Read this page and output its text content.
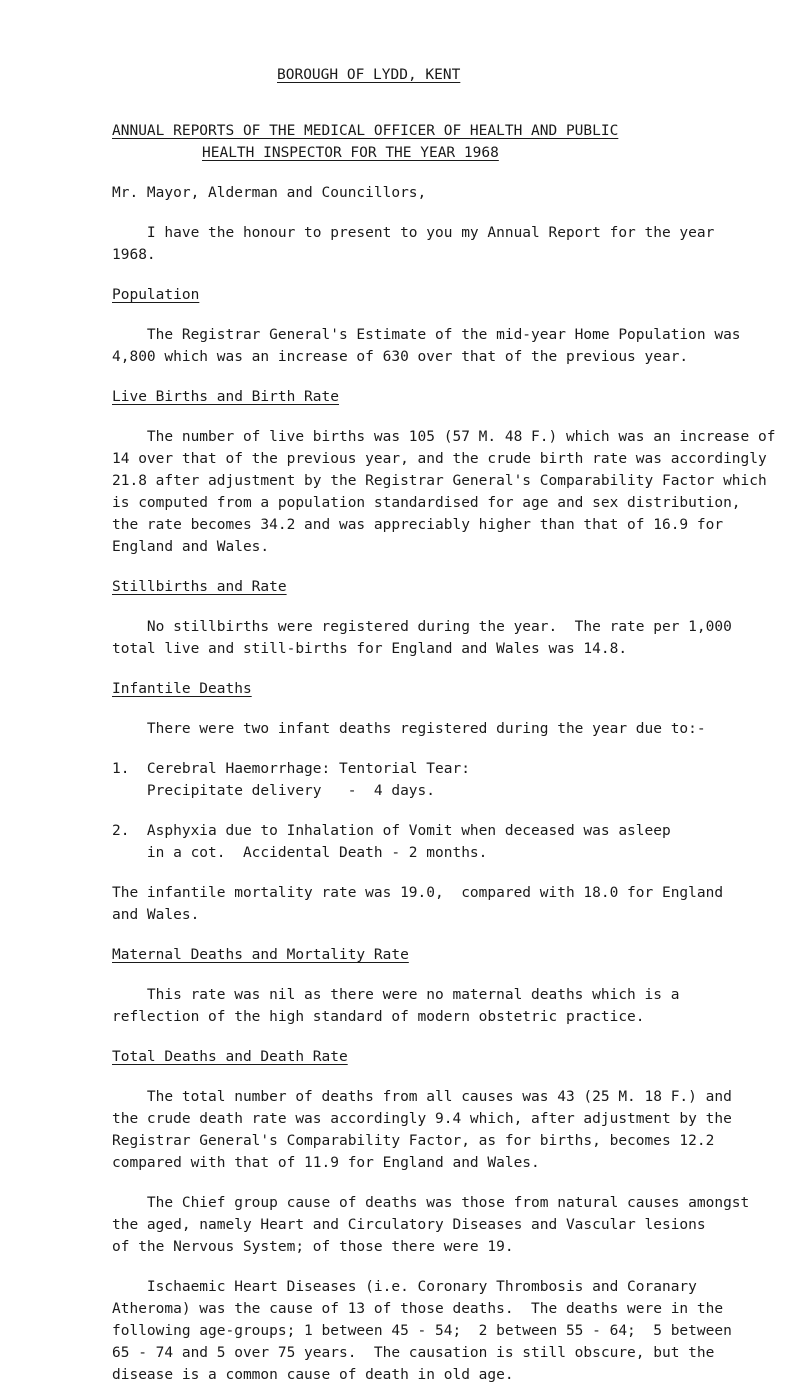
BOROUGH OF LYDD, KENT

ANNUAL REPORTS OF THE MEDICAL OFFICER OF HEALTH AND PUBLIC

HEALTH INSPECTOR FOR THE YEAR 1968

Mr. Mayor, Alderman and Councillors,

I have the honour to present to you my Annual Report for the year

1968.

Population

The Registrar General's Estimate of the mid-year Home Population was

4,800 which was an increase of 630 over that of the previous year.

Live Births and Birth Rate

The number of live births was 105 (57 M. 48 F.) which was an increase of

14 over that of the previous year, and the crude birth rate was accordingly

21.8 after adjustment by the Registrar General's Comparability Factor which

is computed from a population standardised for age and sex distribution,

the rate becomes 34.2 and was appreciably higher than that of 16.9 for

England and Wales.

Stillbirths and Rate

No stillbirths were registered during the year.  The rate per 1,000

total live and still-births for England and Wales was 14.8.

Infantile Deaths

There were two infant deaths registered during the year due to:-

1.  Cerebral Haemorrhage: Tentorial Tear:

Precipitate delivery   -  4 days.

2.  Asphyxia due to Inhalation of Vomit when deceased was asleep

in a cot.  Accidental Death - 2 months.

The infantile mortality rate was 19.0,  compared with 18.0 for England

and Wales.

Maternal Deaths and Mortality Rate

This rate was nil as there were no maternal deaths which is a

reflection of the high standard of modern obstetric practice.

Total Deaths and Death Rate

The total number of deaths from all causes was 43 (25 M. 18 F.) and

the crude death rate was accordingly 9.4 which, after adjustment by the

Registrar General's Comparability Factor, as for births, becomes 12.2

compared with that of 11.9 for England and Wales.

The Chief group cause of deaths was those from natural causes amongst

the aged, namely Heart and Circulatory Diseases and Vascular lesions

of the Nervous System; of those there were 19.

Ischaemic Heart Diseases (i.e. Coronary Thrombosis and Coranary

Atheroma) was the cause of 13 of those deaths.  The deaths were in the

following age-groups; 1 between 45 - 54;  2 between 55 - 64;  5 between

65 - 74 and 5 over 75 years.  The causation is still obscure, but the

disease is a common cause of death in old age.
